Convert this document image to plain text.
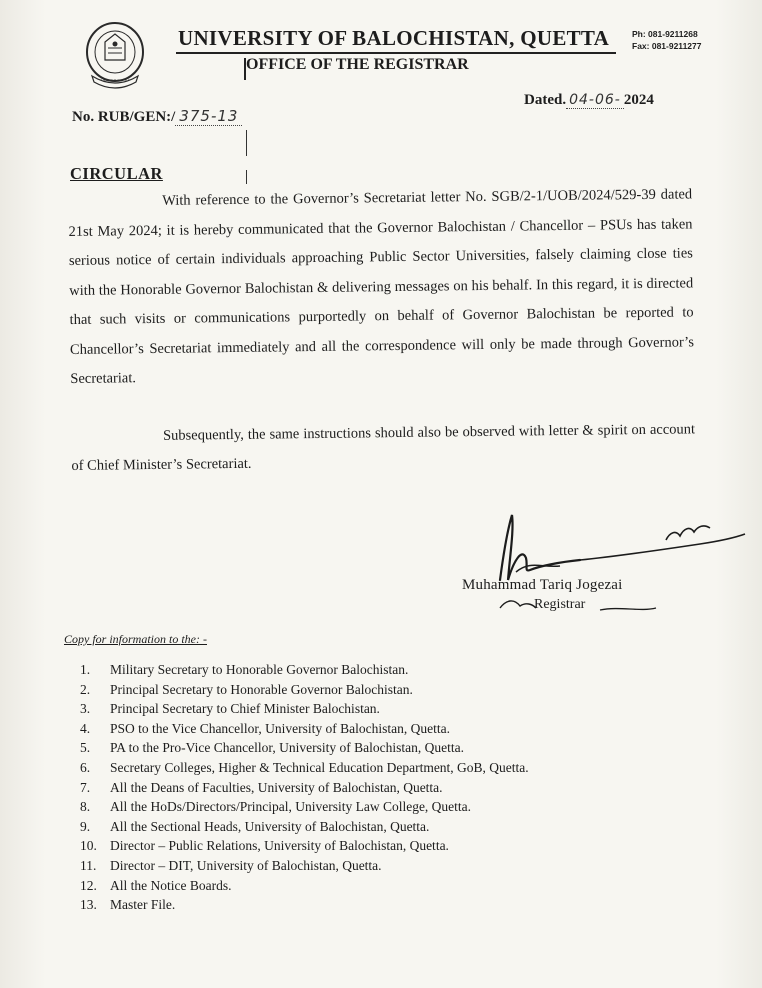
UNIVERSITY OF BALOCHISTAN, QUETTA
OFFICE OF THE REGISTRAR
Ph: 081-9211268
Fax: 081-9211277
No. RUB/GEN:/ 375-13
Dated. 04-06- 2024
CIRCULAR

With reference to the Governor’s Secretariat letter No. SGB/2-1/UOB/2024/529-39 dated 21st May 2024; it is hereby communicated that the Governor Balochistan / Chancellor – PSUs has taken serious notice of certain individuals approaching Public Sector Universities, falsely claiming close ties with the Honorable Governor Balochistan & delivering messages on his behalf. In this regard, it is directed that such visits or communications purportedly on behalf of Governor Balochistan be reported to Chancellor’s Secretariat immediately and all the correspondence will only be made through Governor’s Secretariat.

Subsequently, the same instructions should also be observed with letter & spirit on account of Chief Minister’s Secretariat.

Muhammad Tariq Jogezai
Registrar
Copy for information to the: -
1. Military Secretary to Honorable Governor Balochistan.
2. Principal Secretary to Honorable Governor Balochistan.
3. Principal Secretary to Chief Minister Balochistan.
4. PSO to the Vice Chancellor, University of Balochistan, Quetta.
5. PA to the Pro-Vice Chancellor, University of Balochistan, Quetta.
6. Secretary Colleges, Higher & Technical Education Department, GoB, Quetta.
7. All the Deans of Faculties, University of Balochistan, Quetta.
8. All the HoDs/Directors/Principal, University Law College, Quetta.
9. All the Sectional Heads, University of Balochistan, Quetta.
10. Director – Public Relations, University of Balochistan, Quetta.
11. Director – DIT, University of Balochistan, Quetta.
12. All the Notice Boards.
13. Master File.
